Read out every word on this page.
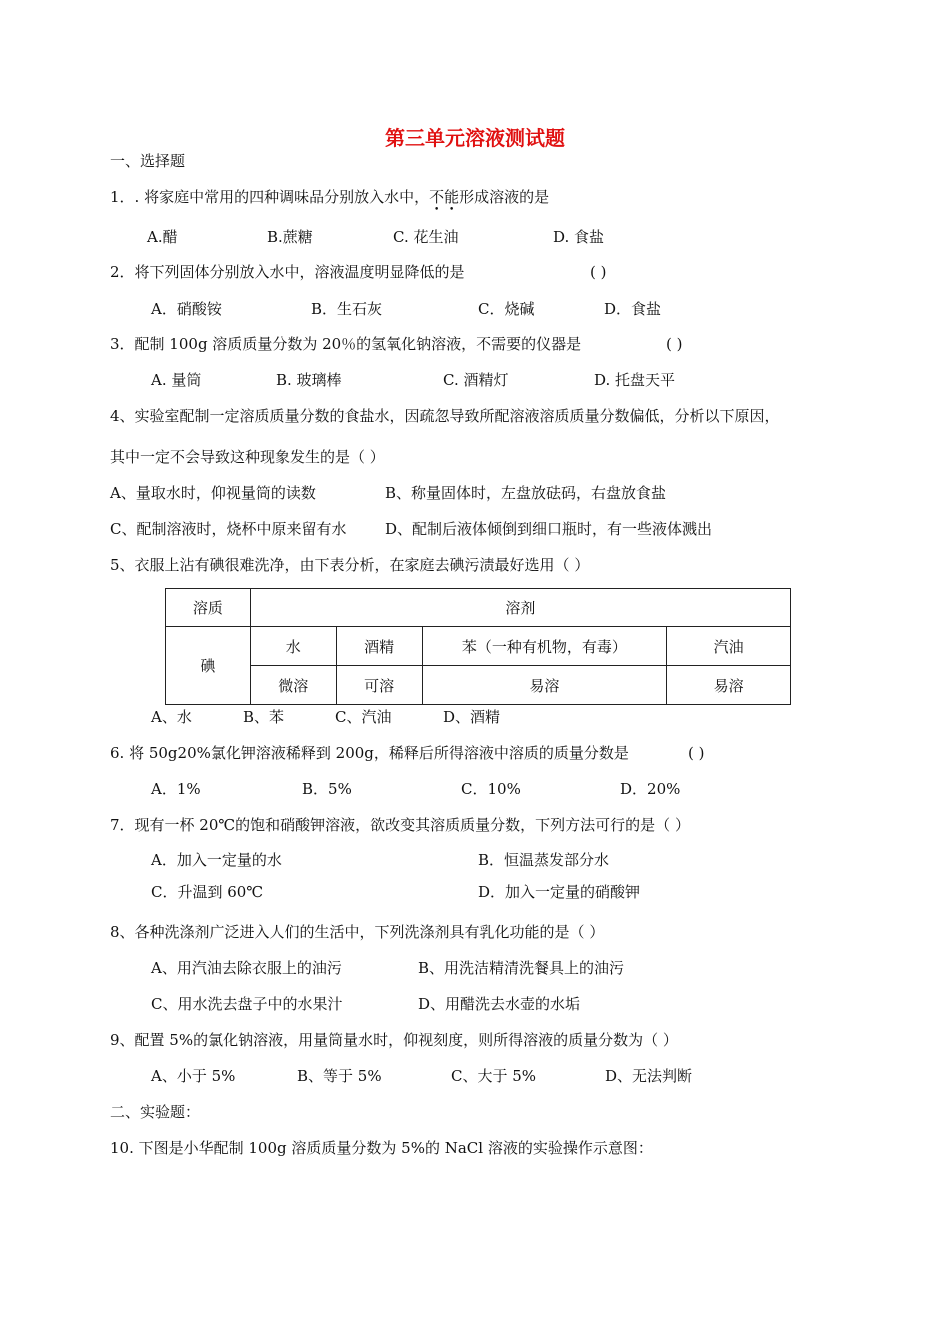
第三单元溶液测试题
一、选择题
1．. 将家庭中常用的四种调味品分别放入水中，不能形成溶液的是
A.醋	B.蔗糖	C. 花生油	D. 食盐
2．将下列固体分别放入水中，溶液温度明显降低的是	( )
A．硝酸铵	B．生石灰	C．烧碱	D．食盐
3．配制 100g 溶质质量分数为 20％的氢氧化钠溶液，不需要的仪器是	( )
A. 量筒	B. 玻璃棒	C. 酒精灯	D. 托盘天平
4、实验室配制一定溶质质量分数的食盐水，因疏忽导致所配溶液溶质质量分数偏低，分析以下原因，
其中一定不会导致这种现象发生的是（ ）
A、量取水时，仰视量筒的读数	B、称量固体时，左盘放砝码，右盘放食盐
C、配制溶液时，烧杯中原来留有水	D、配制后液体倾倒到细口瓶时，有一些液体溅出
5、衣服上沾有碘很难洗净，由下表分析，在家庭去碘污渍最好选用（ ）
溶质	溶剂			
碘	水	酒精	苯（一种有机物，有毒）	汽油
	微溶	可溶	易溶	易溶
A、水	B、苯	C、汽油	D、酒精
6. 将 50g20%氯化钾溶液稀释到 200g，稀释后所得溶液中溶质的质量分数是	( )
A．1%	B．5%	C．10%	D．20%
7．现有一杯 20℃的饱和硝酸钾溶液，欲改变其溶质质量分数，下列方法可行的是（ ）
A．加入一定量的水	B．恒温蒸发部分水
C．升温到 60℃	D．加入一定量的硝酸钾
8、各种洗涤剂广泛进入人们的生活中，下列洗涤剂具有乳化功能的是（ ）
A、用汽油去除衣服上的油污	B、用洗洁精清洗餐具上的油污
C、用水洗去盘子中的水果汁	D、用醋洗去水壶的水垢
9、配置 5%的氯化钠溶液，用量筒量水时，仰视刻度，则所得溶液的质量分数为（ ）
A、小于 5%	B、等于 5%	C、大于 5%	D、无法判断
二、实验题：
10. 下图是小华配制 100g 溶质质量分数为 5%的 NaCl 溶液的实验操作示意图：
